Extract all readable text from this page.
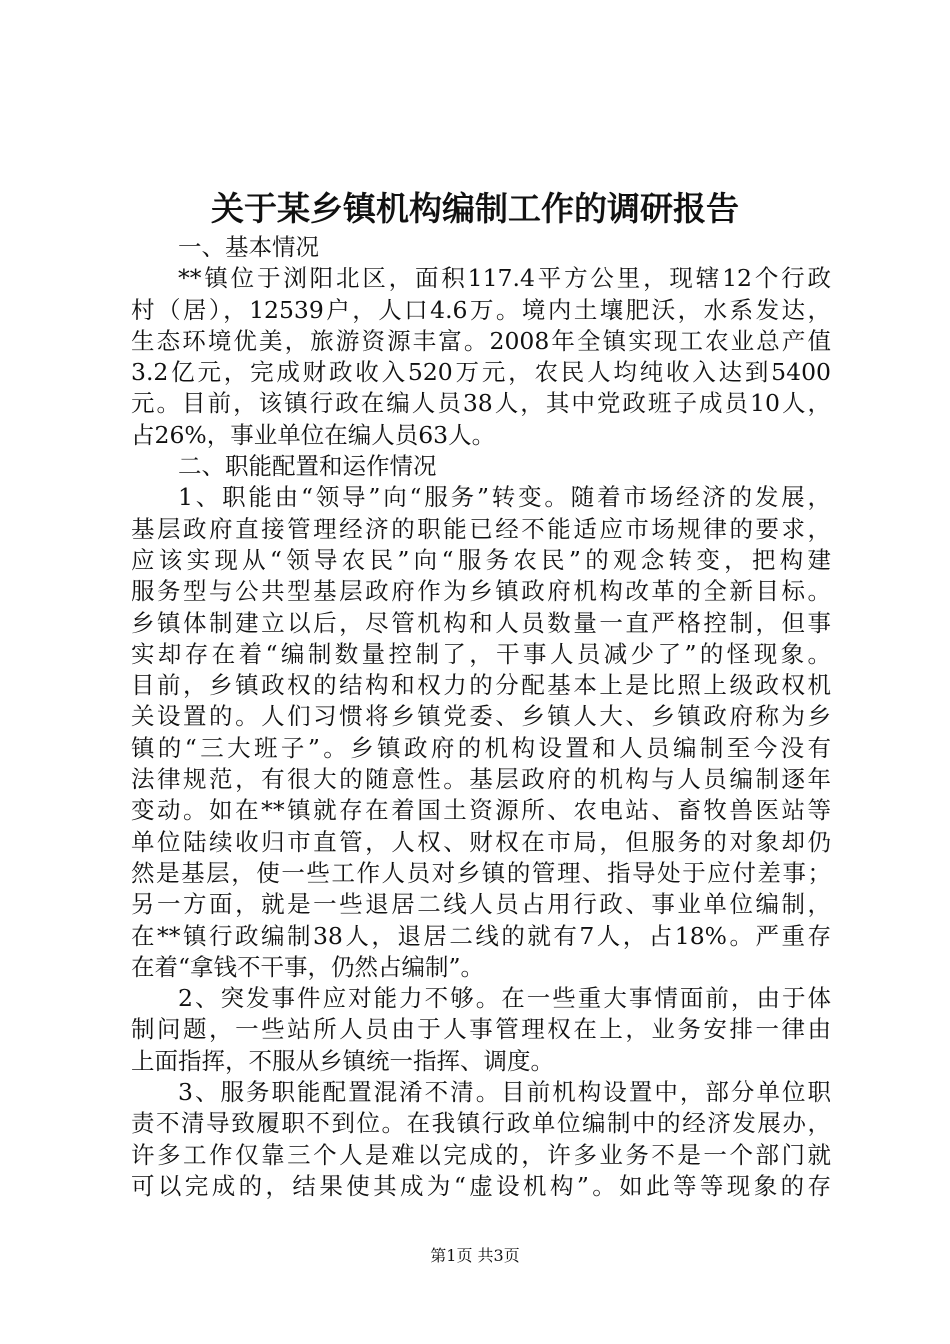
关于某乡镇机构编制工作的调研报告
一、基本情况
**镇位于浏阳北区，面积117.4平方公里，现辖12个行政
村（居），12539户，人口4.6万。境内土壤肥沃，水系发达，
生态环境优美，旅游资源丰富。2008年全镇实现工农业总产值
3.2亿元，完成财政收入520万元，农民人均纯收入达到5400
元。目前，该镇行政在编人员38人，其中党政班子成员10人，
占26%，事业单位在编人员63人。
二、职能配置和运作情况
1、职能由“领导”向“服务”转变。随着市场经济的发展，
基层政府直接管理经济的职能已经不能适应市场规律的要求，
应该实现从“领导农民”向“服务农民”的观念转变，把构建
服务型与公共型基层政府作为乡镇政府机构改革的全新目标。
乡镇体制建立以后，尽管机构和人员数量一直严格控制，但事
实却存在着“编制数量控制了，干事人员减少了”的怪现象。
目前，乡镇政权的结构和权力的分配基本上是比照上级政权机
关设置的。人们习惯将乡镇党委、乡镇人大、乡镇政府称为乡
镇的“三大班子”。乡镇政府的机构设置和人员编制至今没有
法律规范，有很大的随意性。基层政府的机构与人员编制逐年
变动。如在**镇就存在着国土资源所、农电站、畜牧兽医站等
单位陆续收归市直管，人权、财权在市局，但服务的对象却仍
然是基层，使一些工作人员对乡镇的管理、指导处于应付差事；
另一方面，就是一些退居二线人员占用行政、事业单位编制，
在**镇行政编制38人，退居二线的就有7人，占18%。严重存
在着“拿钱不干事，仍然占编制”。
2、突发事件应对能力不够。在一些重大事情面前，由于体
制问题，一些站所人员由于人事管理权在上，业务安排一律由
上面指挥，不服从乡镇统一指挥、调度。
3、服务职能配置混淆不清。目前机构设置中，部分单位职
责不清导致履职不到位。在我镇行政单位编制中的经济发展办，
许多工作仅靠三个人是难以完成的，许多业务不是一个部门就
可以完成的，结果使其成为“虚设机构”。如此等等现象的存
第1页 共3页
